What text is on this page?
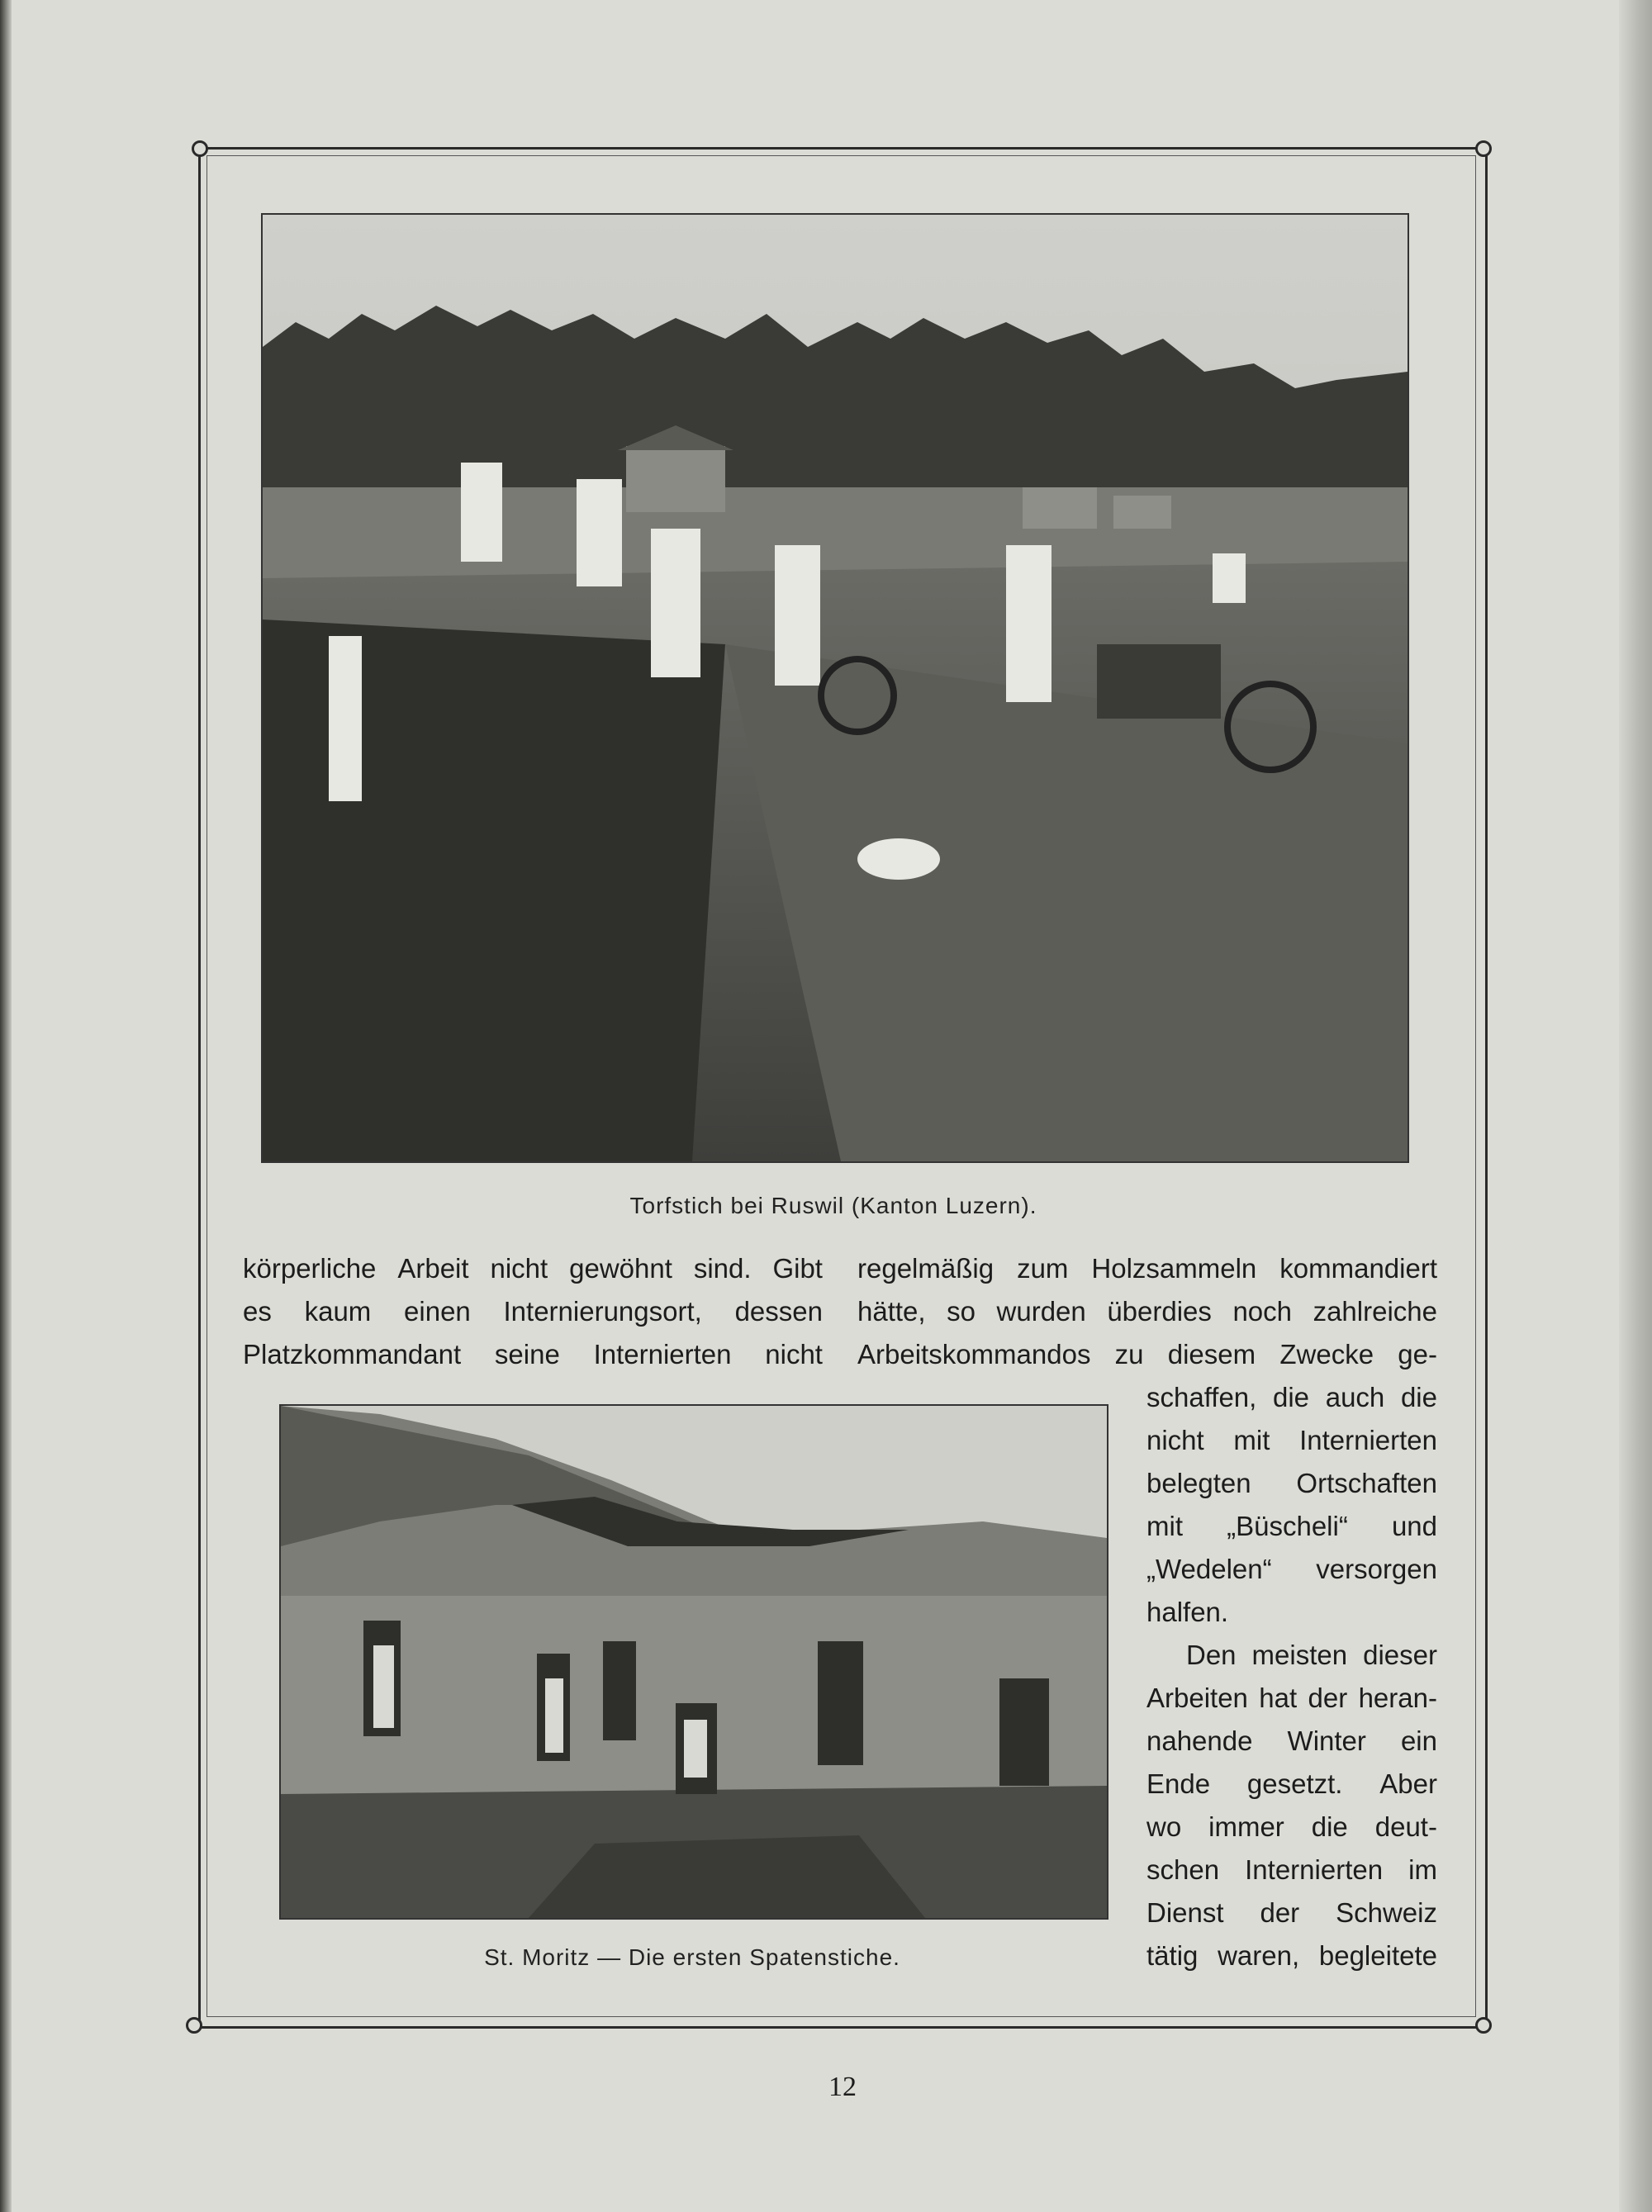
Torfstich bei Ruswil (Kanton Luzern).
körperliche Arbeit nicht gewöhnt sind. Gibt
es kaum einen Internierungsort, dessen
Platzkommandant seine Internierten nicht
regelmäßig zum Holzsammeln kommandiert
hätte, so wurden überdies noch zahlreiche
Arbeitskommandos zu diesem Zwecke ge-
St. Moritz — Die ersten Spatenstiche.
schaffen, die auch die
nicht mit Internierten
belegten Ortschaften
mit „Büscheli“ und
„Wedelen“ versorgen
halfen.
Den meisten dieser
Arbeiten hat der heran-
nahende Winter ein
Ende gesetzt. Aber
wo immer die deut-
schen Internierten im
Dienst der Schweiz
tätig waren, begleitete
12
